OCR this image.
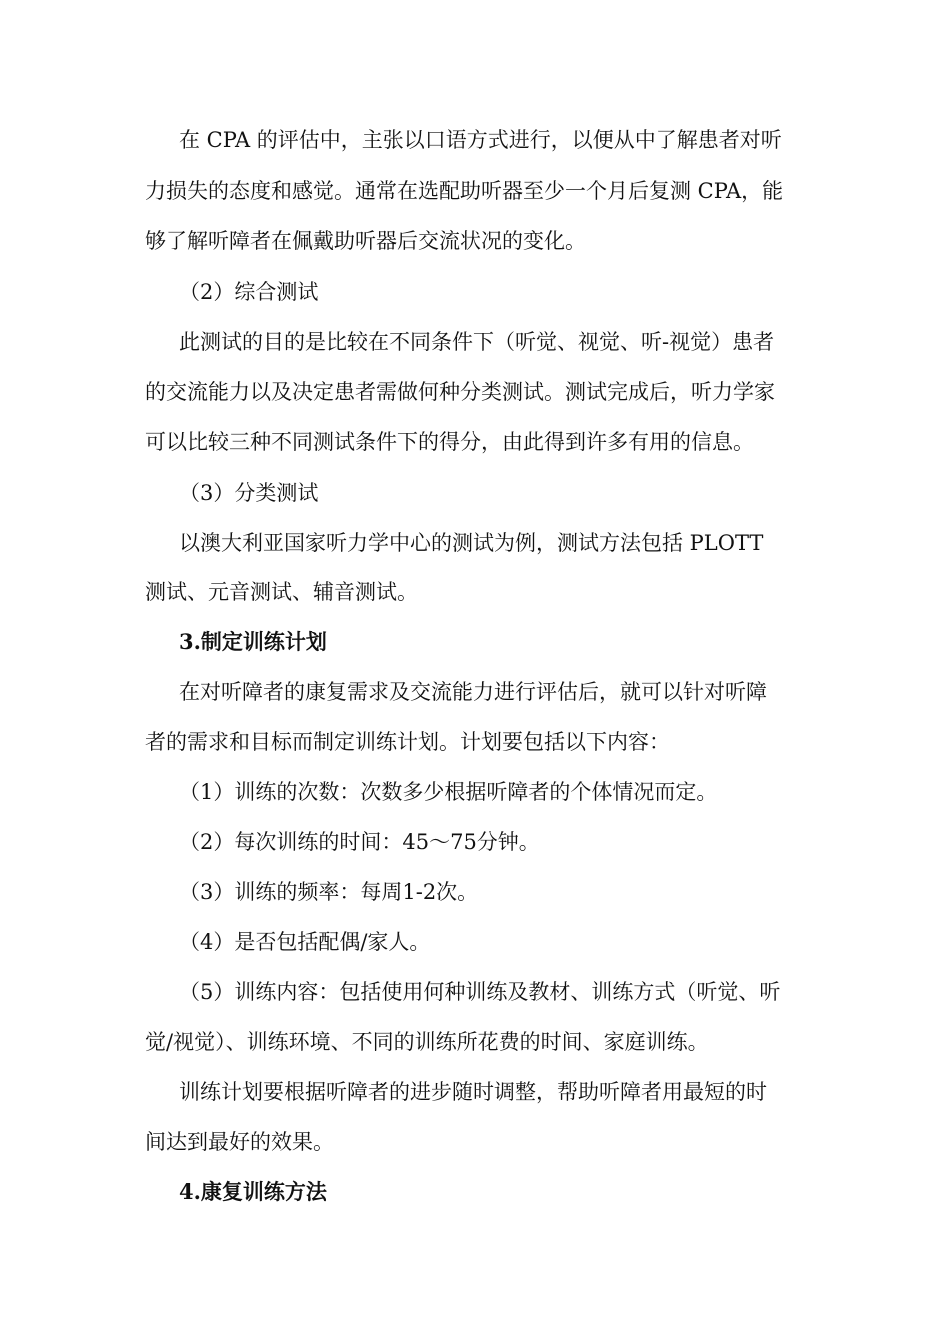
在 CPA 的评估中，主张以口语方式进行，以便从中了解患者对听
力损失的态度和感觉。通常在选配助听器至少一个月后复测 CPA，能
够了解听障者在佩戴助听器后交流状况的变化。
（2）综合测试
此测试的目的是比较在不同条件下（听觉、视觉、听-视觉）患者
的交流能力以及决定患者需做何种分类测试。测试完成后，听力学家
可以比较三种不同测试条件下的得分，由此得到许多有用的信息。
（3）分类测试
以澳大利亚国家听力学中心的测试为例，测试方法包括 PLOTT
测试、元音测试、辅音测试。
3.制定训练计划
在对听障者的康复需求及交流能力进行评估后，就可以针对听障
者的需求和目标而制定训练计划。计划要包括以下内容：
（1）训练的次数：次数多少根据听障者的个体情况而定。
（2）每次训练的时间：45～75分钟。
（3）训练的频率：每周1-2次。
（4）是否包括配偶/家人。
（5）训练内容：包括使用何种训练及教材、训练方式（听觉、听
觉/视觉）、训练环境、不同的训练所花费的时间、家庭训练。
训练计划要根据听障者的进步随时调整，帮助听障者用最短的时
间达到最好的效果。
4.康复训练方法
